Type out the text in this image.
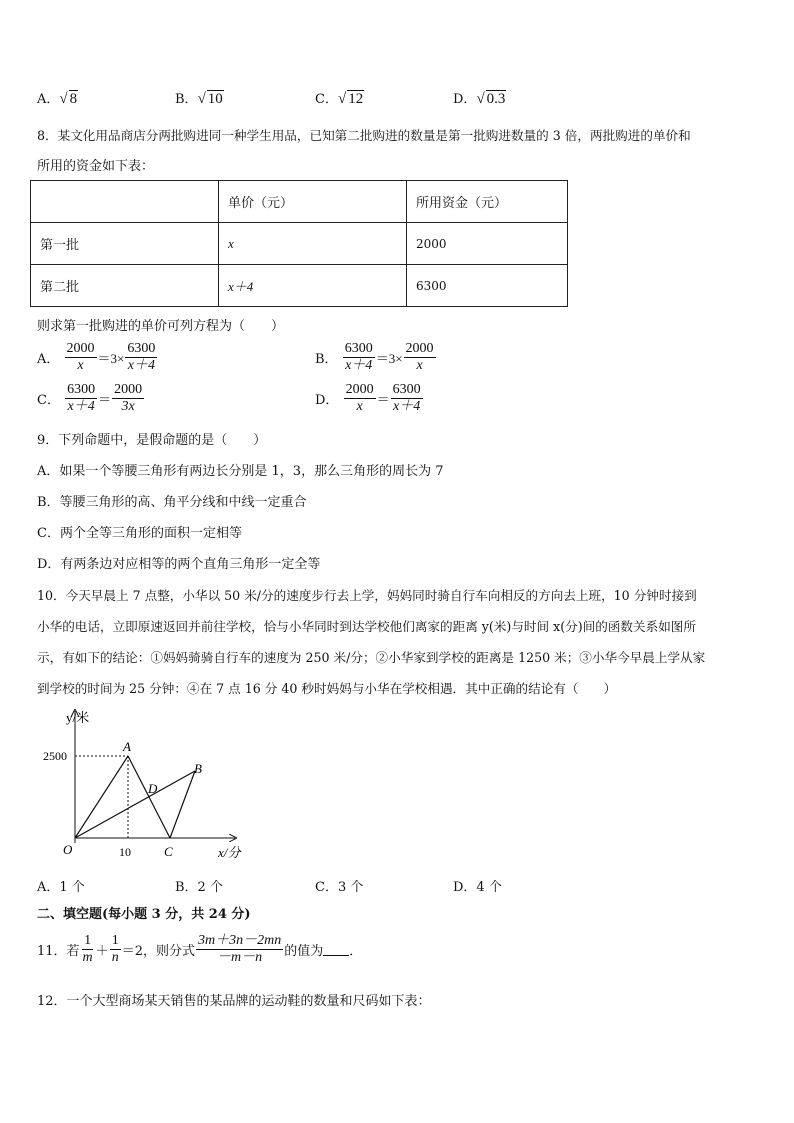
A．√ 8	B．√ 10	C．√ 12	D．√ 0.3
8．某文化用品商店分两批购进同一种学生用品，已知第二批购进的数量是第一批购进数量的 3 倍，两批购进的单价和
所用的资金如下表：
	单价（元）	所用资金（元）
第一批	x	2000
第二批	x＋4	6300
则求第一批购进的单价可列方程为（　　）
A． $\frac{2000}{x} =3\times \frac{6300}{x+4}$	B． $\frac{6300}{x+4} =3\times \frac{2000}{x}$
C． $\frac{6300}{x+4} = \frac{2000}{3x}$	D． $\frac{2000}{x} = \frac{6300}{x+4}$
9．下列命题中，是假命题的是（　　）
A．如果一个等腰三角形有两边长分别是 1，3，那么三角形的周长为 7
B．等腰三角形的高、角平分线和中线一定重合
C．两个全等三角形的面积一定相等
D．有两条边对应相等的两个直角三角形一定全等
10．今天早晨上 7 点整，小华以 50 米/分的速度步行去上学，妈妈同时骑自行车向相反的方向去上班，10 分钟时接到
小华的电话，立即原速返回并前往学校，恰与小华同时到达学校他们离家的距离 y(米)与时间 x(分)间的函数关系如图所
示，有如下的结论：①妈妈骑骑自行车的速度为 250 米/分；②小华家到学校的距离是 1250 米；③小华今早晨上学从家
到学校的时间为 25 分钟：④在 7 点 16 分 40 秒时妈妈与小华在学校相遇．其中正确的结论有（　　）
y/米
x/分
2500
10
O
A
B
C
D
A．1 个	B．2 个	C．3 个	D．4 个
二、填空题(每小题 3 分，共 24 分)
11．若 $\frac{1}{m} + \frac{1}{n} =2$，则分式 $\frac{3m+3n-2mn}{-m-n}$ 的值为 ．
12．一个大型商场某天销售的某品牌的运动鞋的数量和尺码如下表：
